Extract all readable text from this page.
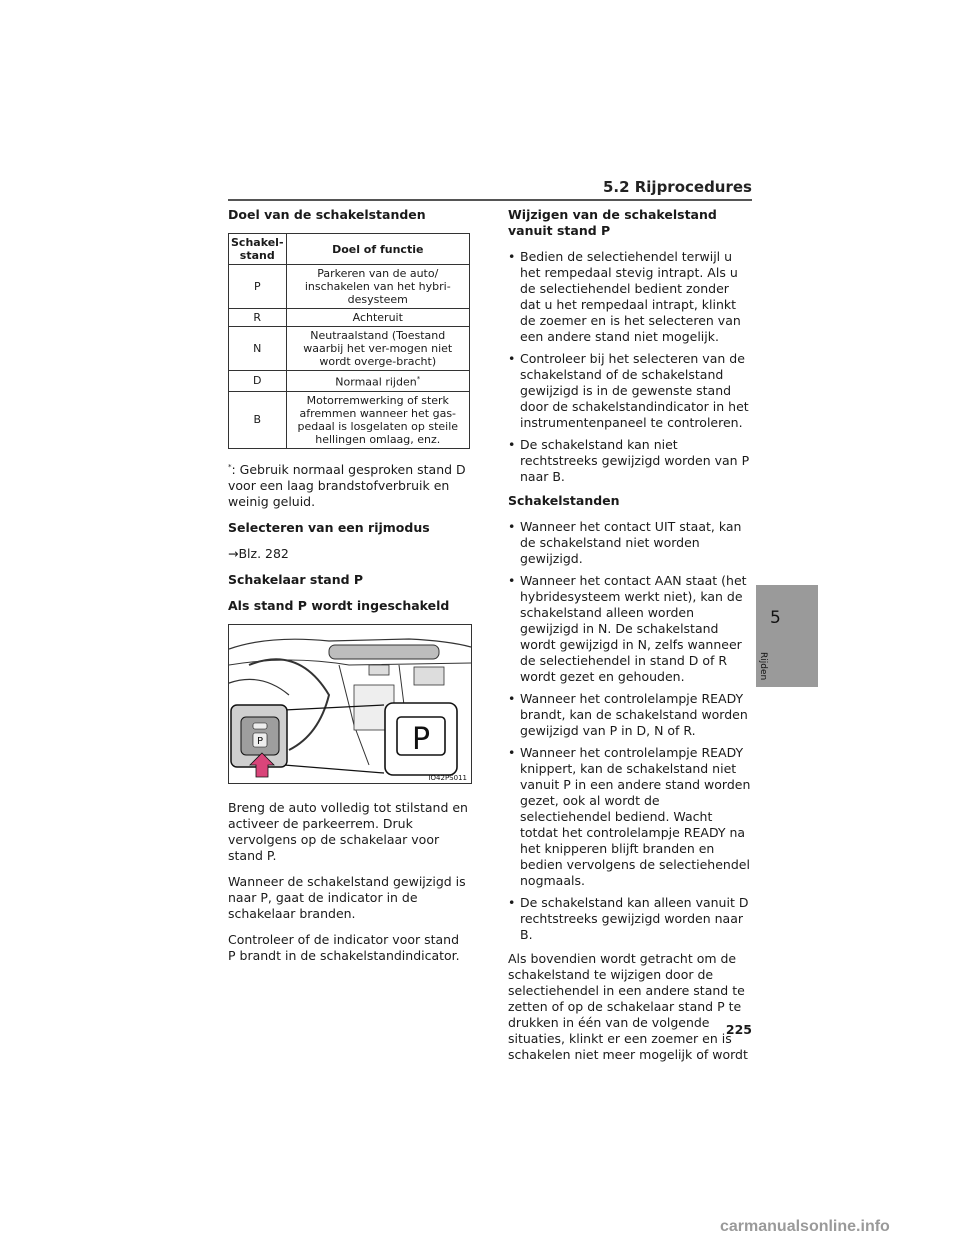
5.2 Rijprocedures
Doel van de schakelstanden
Schakel-stand	Doel of functie
P	Parkeren van de auto/ inschakelen van het hybri-desysteem
R	Achteruit
N	Neutraalstand (Toestand waarbij het ver-mogen niet wordt overge-bracht)
D	Normaal rijden*
B	Motorremwerking of sterk afremmen wanneer het gas-pedaal is losgelaten op steile hellingen omlaag, enz.

*: Gebruik normaal gesproken stand D voor een laag brandstofverbruik en weinig geluid.

Selecteren van een rijmodus

→Blz. 282

Schakelaar stand P
Als stand P wordt ingeschakeld
P	P
IO42PS011

Breng de auto volledig tot stilstand en activeer de parkeerrem. Druk vervolgens op de schakelaar voor stand P.

Wanneer de schakelstand gewijzigd is naar P, gaat de indicator in de schakelaar branden.

Controleer of de indicator voor stand P brandt in de schakelstandindicator.

Wijzigen van de schakelstand vanuit stand P
• Bedien de selectiehendel terwijl u het rempedaal stevig intrapt. Als u de selectiehendel bedient zonder dat u het rempedaal intrapt, klinkt de zoemer en is het selecteren van een andere stand niet mogelijk.
• Controleer bij het selecteren van de schakelstand of de schakelstand gewijzigd is in de gewenste stand door de schakelstandindicator in het instrumentenpaneel te controleren.
• De schakelstand kan niet rechtstreeks gewijzigd worden van P naar B.
Schakelstanden
• Wanneer het contact UIT staat, kan de schakelstand niet worden gewijzigd.
• Wanneer het contact AAN staat (het hybridesysteem werkt niet), kan de schakelstand alleen worden gewijzigd in N. De schakelstand wordt gewijzigd in N, zelfs wanneer de selectiehendel in stand D of R wordt gezet en gehouden.
• Wanneer het controlelampje READY brandt, kan de schakelstand worden gewijzigd van P in D, N of R.
• Wanneer het controlelampje READY knippert, kan de schakelstand niet vanuit P in een andere stand worden gezet, ook al wordt de selectiehendel bediend. Wacht totdat het controlelampje READY na het knipperen blijft branden en bedien vervolgens de selectiehendel nogmaals.
• De schakelstand kan alleen vanuit D rechtstreeks gewijzigd worden naar B.

Als bovendien wordt getracht om de schakelstand te wijzigen door de selectiehendel in een andere stand te zetten of op de schakelaar stand P te drukken in één van de volgende situaties, klinkt er een zoemer en is schakelen niet meer mogelijk of wordt

5
Rijden
225
carmanualsonline.info
